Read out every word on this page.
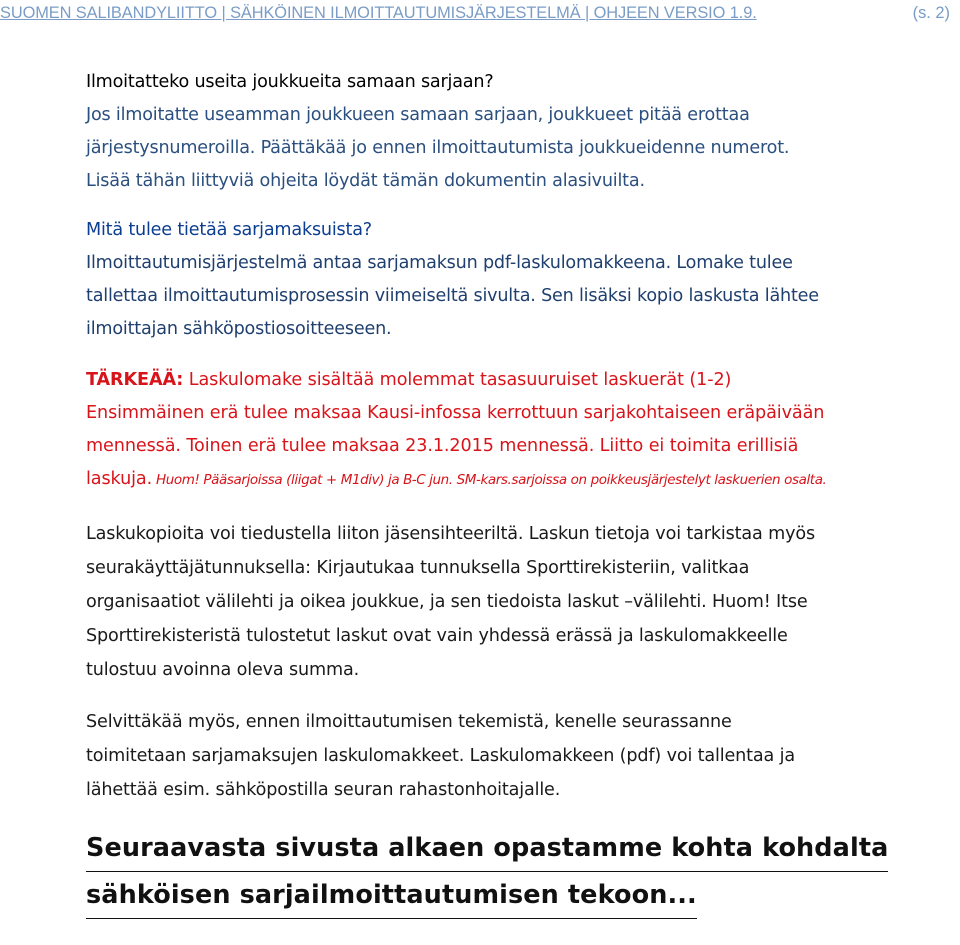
SUOMEN SALIBANDYLIITTO | SÄHKÖINEN ILMOITTAUTUMISJÄRJESTELMÄ | OHJEEN VERSIO 1.9.	(s. 2)

Ilmoitatteko useita joukkueita samaan sarjaan?

Jos ilmoitatte useamman joukkueen samaan sarjaan, joukkueet pitää erottaa

järjestysnumeroilla. Päättäkää jo ennen ilmoittautumista joukkueidenne numerot.

Lisää tähän liittyviä ohjeita löydät tämän dokumentin alasivuilta.

Mitä tulee tietää sarjamaksuista?

Ilmoittautumisjärjestelmä antaa sarjamaksun pdf-laskulomakkeena. Lomake tulee

tallettaa ilmoittautumisprosessin viimeiseltä sivulta. Sen lisäksi kopio laskusta lähtee

ilmoittajan sähköpostiosoitteeseen.

TÄRKEÄÄ: Laskulomake sisältää molemmat tasasuuruiset laskuerät (1-2)

Ensimmäinen erä tulee maksaa Kausi-infossa kerrottuun sarjakohtaiseen eräpäivään

mennessä. Toinen erä tulee maksaa 23.1.2015 mennessä. Liitto ei toimita erillisiä

laskuja. Huom! Pääsarjoissa (liigat + M1div) ja B-C jun. SM-kars.sarjoissa on poikkeusjärjestelyt laskuerien osalta.

Laskukopioita voi tiedustella liiton jäsensihteeriltä. Laskun tietoja voi tarkistaa myös

seurakäyttäjätunnuksella: Kirjautukaa tunnuksella Sporttirekisteriin, valitkaa

organisaatiot välilehti ja oikea joukkue, ja sen tiedoista laskut –välilehti. Huom! Itse

Sporttirekisteristä tulostetut laskut ovat vain yhdessä erässä ja laskulomakkeelle

tulostuu avoinna oleva summa.

Selvittäkää myös, ennen ilmoittautumisen tekemistä, kenelle seurassanne

toimitetaan sarjamaksujen laskulomakkeet. Laskulomakkeen (pdf) voi tallentaa ja

lähettää esim. sähköpostilla seuran rahastonhoitajalle.

Seuraavasta sivusta alkaen opastamme kohta kohdalta

sähköisen sarjailmoittautumisen tekoon...
